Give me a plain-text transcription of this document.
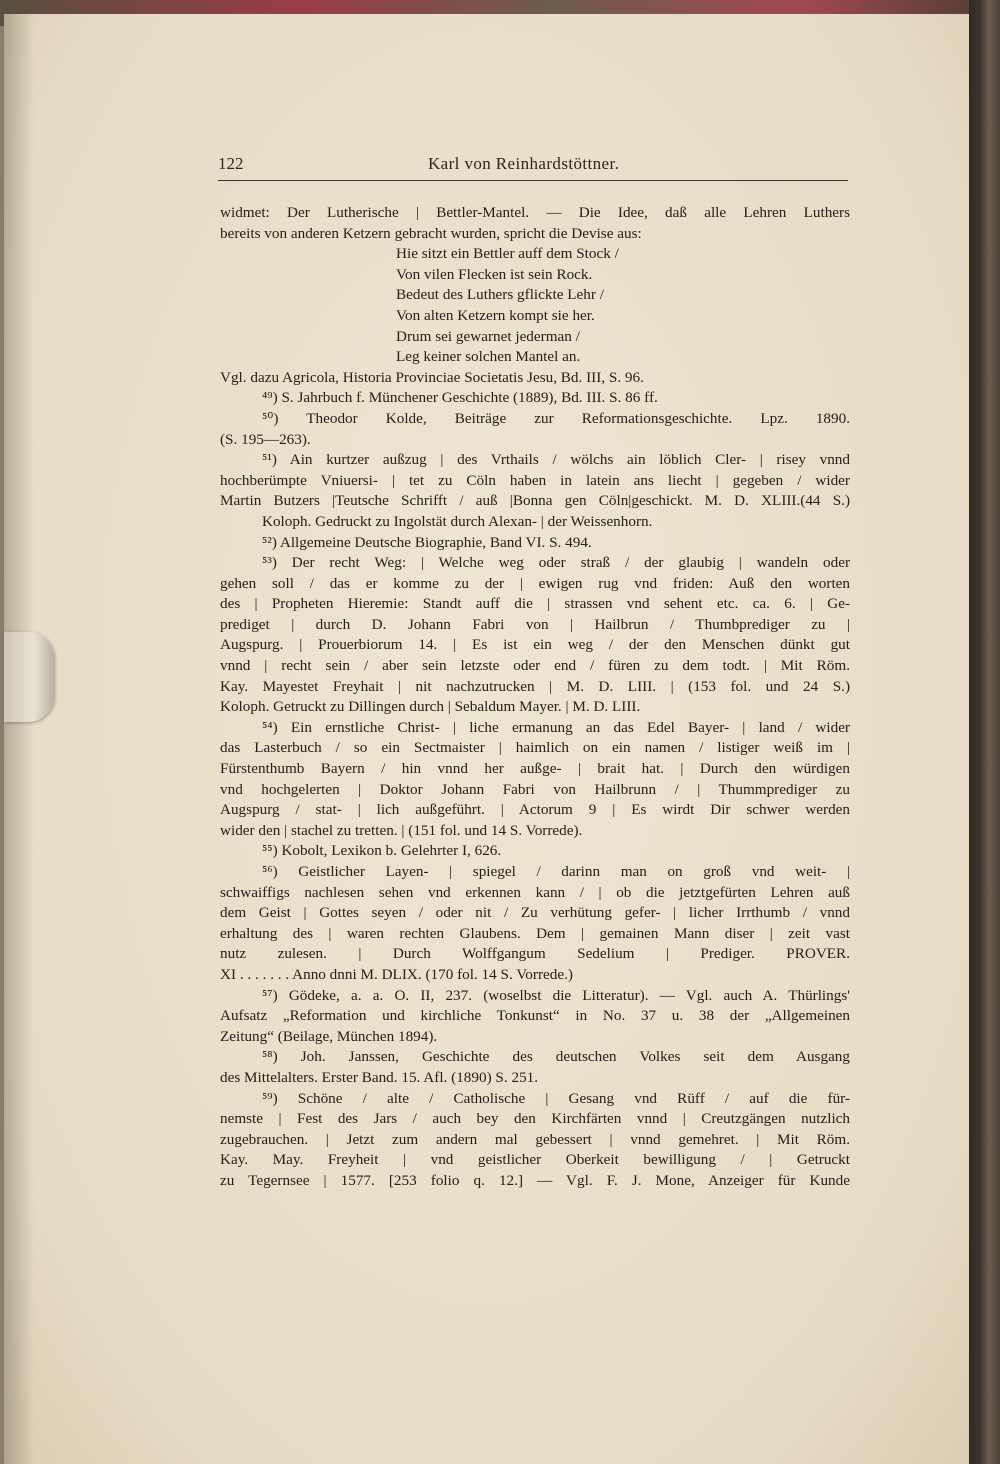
122	Karl von Reinhardstöttner.
widmet: Der Lutherische | Bettler-Mantel. — Die Idee, daß alle Lehren Luthers
bereits von anderen Ketzern gebracht wurden, spricht die Devise aus:
Hie sitzt ein Bettler auff dem Stock /
Von vilen Flecken ist sein Rock.
Bedeut des Luthers gflickte Lehr /
Von alten Ketzern kompt sie her.
Drum sei gewarnet jederman /
Leg keiner solchen Mantel an.
Vgl. dazu Agricola, Historia Provinciae Societatis Jesu, Bd. III, S. 96.
⁴⁹) S. Jahrbuch f. Münchener Geschichte (1889), Bd. III. S. 86 ff.
⁵⁰) Theodor Kolde, Beiträge zur Reformationsgeschichte. Lpz. 1890.
(S. 195—263).
⁵¹) Ain kurtzer außzug | des Vrthails / wölchs ain löblich Cler- | risey vnnd
hochberümpte Vniuersi- | tet zu Cöln haben in latein ans liecht | gegeben / wider
Martin Butzers |Teutsche Schrifft / auß |Bonna gen Cöln|geschickt. M. D. XLIII.(44 S.)
Koloph. Gedruckt zu Ingolstät durch Alexan- | der Weissenhorn.
⁵²) Allgemeine Deutsche Biographie, Band VI. S. 494.
⁵³) Der recht Weg: | Welche weg oder straß / der glaubig | wandeln oder
gehen soll / das er komme zu der | ewigen rug vnd friden: Auß den worten
des | Propheten Hieremie: Standt auff die | strassen vnd sehent etc. ca. 6. | Ge-
prediget | durch D. Johann Fabri von | Hailbrun / Thumbprediger zu |
Augspurg. | Prouerbiorum 14. | Es ist ein weg / der den Menschen dünkt gut
vnnd | recht sein / aber sein letzste oder end / füren zu dem todt. | Mit Röm.
Kay. Mayestet Freyhait | nit nachzutrucken | M. D. LIII. | (153 fol. und 24 S.)
Koloph. Getruckt zu Dillingen durch | Sebaldum Mayer. | M. D. LIII.
⁵⁴) Ein ernstliche Christ- | liche ermanung an das Edel Bayer- | land / wider
das Lasterbuch / so ein Sectmaister | haimlich on ein namen / listiger weiß im |
Fürstenthumb Bayern / hin vnnd her außge- | brait hat. | Durch den würdigen
vnd hochgelerten | Doktor Johann Fabri von Hailbrunn / | Thummprediger zu
Augspurg / stat- | lich außgeführt. | Actorum 9 | Es wirdt Dir schwer werden
wider den | stachel zu tretten. | (151 fol. und 14 S. Vorrede).
⁵⁵) Kobolt, Lexikon b. Gelehrter I, 626.
⁵⁶) Geistlicher Layen- | spiegel / darinn man on groß vnd weit- |
schwaiffigs nachlesen sehen vnd erkennen kann / | ob die jetztgefürten Lehren auß
dem Geist | Gottes seyen / oder nit / Zu verhütung gefer- | licher Irrthumb / vnnd
erhaltung des | waren rechten Glaubens. Dem | gemainen Mann diser | zeit vast
nutz zulesen. | Durch Wolffgangum Sedelium | Prediger. PROVER.
XI . . . . . . . Anno dnni M. DLIX. (170 fol. 14 S. Vorrede.)
⁵⁷) Gödeke, a. a. O. II, 237. (woselbst die Litteratur). — Vgl. auch A. Thürlings'
Aufsatz „Reformation und kirchliche Tonkunst“ in No. 37 u. 38 der „Allgemeinen
Zeitung“ (Beilage, München 1894).
⁵⁸) Joh. Janssen, Geschichte des deutschen Volkes seit dem Ausgang
des Mittelalters. Erster Band. 15. Afl. (1890) S. 251.
⁵⁹) Schöne / alte / Catholische | Gesang vnd Rüff / auf die für-
nemste | Fest des Jars / auch bey den Kirchfärten vnnd | Creutzgängen nutzlich
zugebrauchen. | Jetzt zum andern mal gebessert | vnnd gemehret. | Mit Röm.
Kay. May. Freyheit | vnd geistlicher Oberkeit bewilligung / | Getruckt
zu Tegernsee | 1577. [253 folio q. 12.] — Vgl. F. J. Mone, Anzeiger für Kunde
